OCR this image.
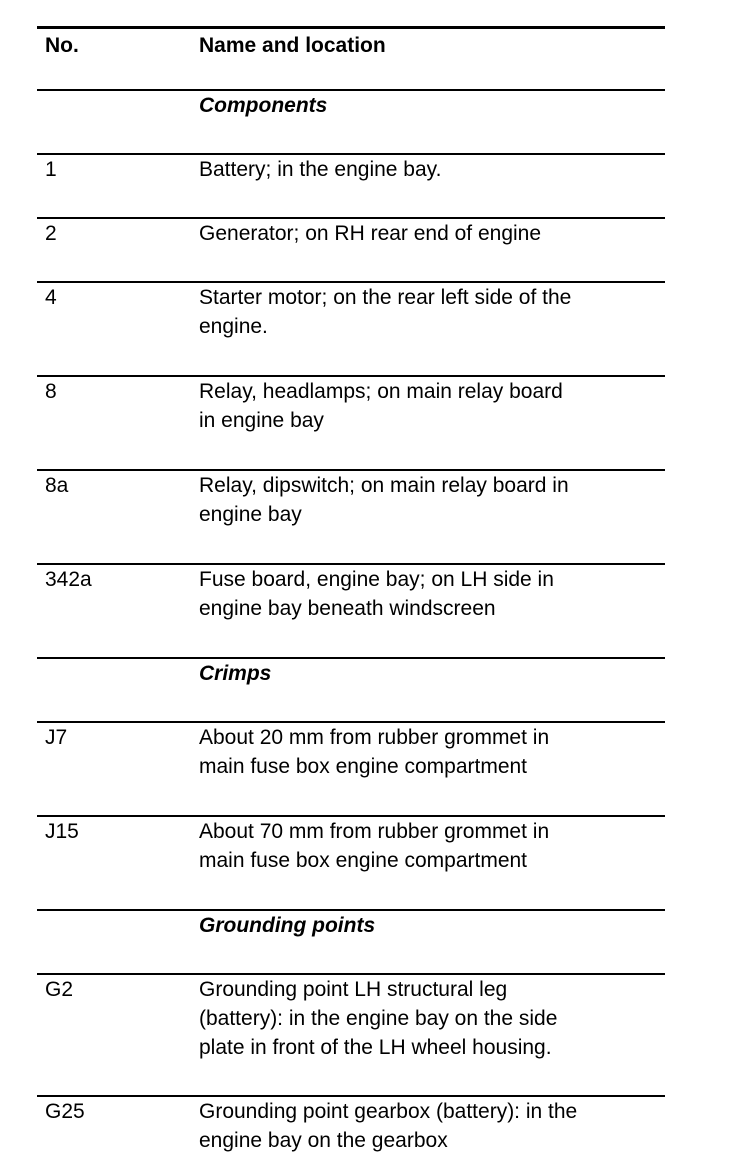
No.	Name and location
Components
1	Battery; in the engine bay.
2	Generator; on RH rear end of engine
4	Starter motor; on the rear left side of the
engine.
8	Relay, headlamps; on main relay board
in engine bay
8a	Relay, dipswitch; on main relay board in
engine bay
342a	Fuse board, engine bay; on LH side in
engine bay beneath windscreen
Crimps
J7	About 20 mm from rubber grommet in
main fuse box engine compartment
J15	About 70 mm from rubber grommet in
main fuse box engine compartment
Grounding points
G2	Grounding point LH structural leg
(battery): in the engine bay on the side
plate in front of the LH wheel housing.
G25	Grounding point gearbox (battery): in the
engine bay on the gearbox
